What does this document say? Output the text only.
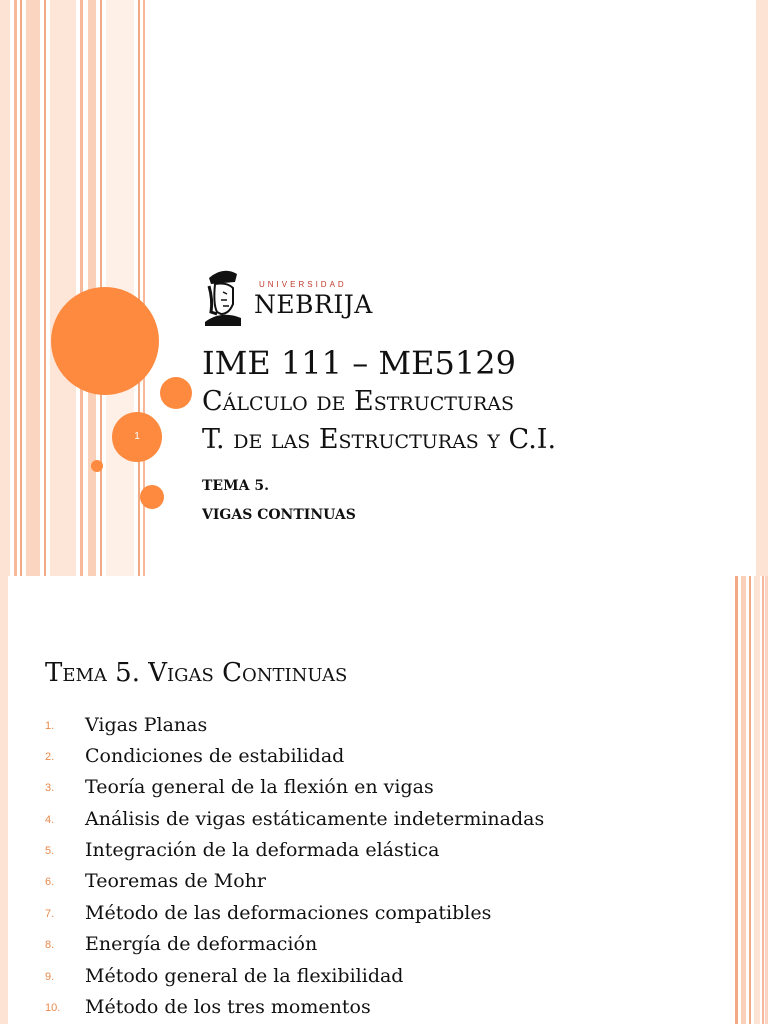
1
UNIVERSIDAD
NEBRIJA
IME 111 – ME5129
Cálculo de Estructuras
T. de las Estructuras y C.I.
TEMA 5.
VIGAS CONTINUAS
Tema 5. Vigas Continuas
1.	Vigas Planas
2.	Condiciones de estabilidad
3.	Teoría general de la flexión en vigas
4.	Análisis de vigas estáticamente indeterminadas
5.	Integración de la deformada elástica
6.	Teoremas de Mohr
7.	Método de las deformaciones compatibles
8.	Energía de deformación
9.	Método general de la flexibilidad
10.	Método de los tres momentos
